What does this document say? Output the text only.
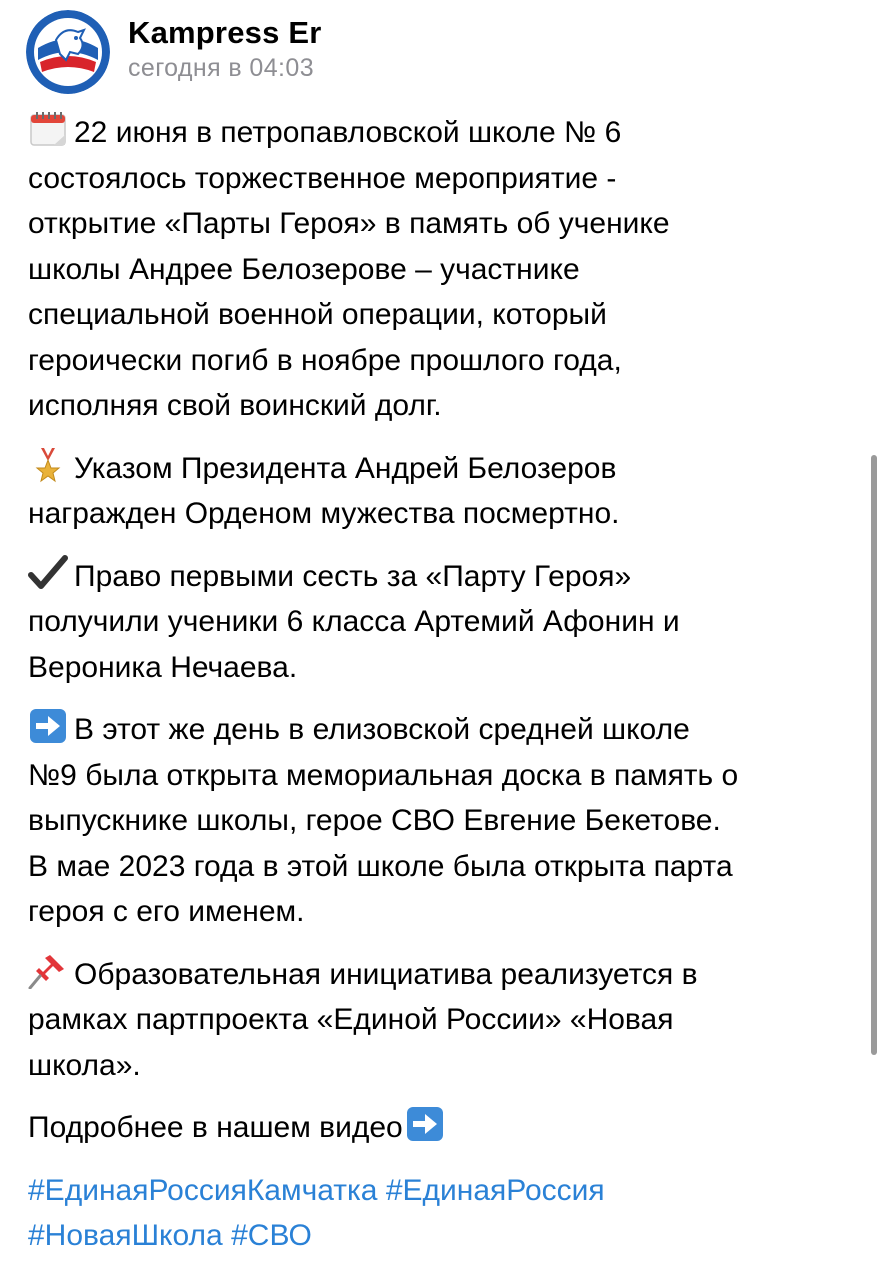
Kampress Er
сегодня в 04:03

22 июня в петропавловской школе № 6
состоялось торжественное мероприятие -
открытие «Парты Героя» в память об ученике
школы Андрее Белозерове – участнике
специальной военной операции, который
героически погиб в ноябре прошлого года,
исполняя свой воинский долг.

Указом Президента Андрей Белозеров
награжден Орденом мужества посмертно.

Право первыми сесть за «Парту Героя»
получили ученики 6 класса Артемий Афонин и
Вероника Нечаева.

В этот же день в елизовской средней школе
№9 была открыта мемориальная доска в память о
выпускнике школы, герое СВО Евгение Бекетове.
В мае 2023 года в этой школе была открыта парта
героя с его именем.

Образовательная инициатива реализуется в
рамках партпроекта «Единой России» «Новая
школа».

Подробнее в нашем видео

#ЕдинаяРоссияКамчатка #ЕдинаяРоссия
#НоваяШкола #СВО
